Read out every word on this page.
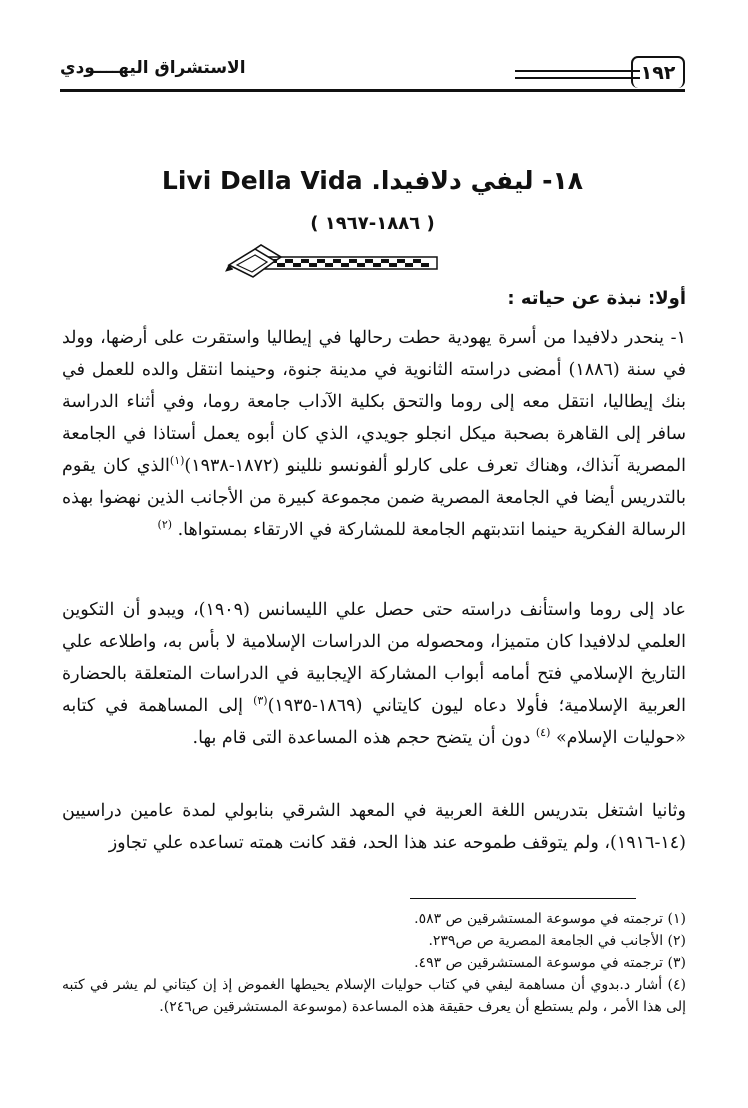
الاستشراق اليهــــودي	١٩٢
١٨- ليفي دلافيدا. Livi Della Vida
( ١٨٨٦-١٩٦٧ )
أولا: نبذة عن حياته :
١- ينحدر دلافيدا من أسرة يهودية حطت رحالها في إيطاليا واستقرت على أرضها، وولد في سنة (١٨٨٦) أمضى دراسته الثانوية في مدينة جنوة، وحينما انتقل والده للعمل في بنك إيطاليا، انتقل معه إلى روما والتحق بكلية الآداب جامعة روما، وفي أثناء الدراسة سافر إلى القاهرة بصحبة ميكل انجلو جويدي، الذي كان أبوه يعمل أستاذا في الجامعة المصرية آنذاك، وهناك تعرف على كارلو ألفونسو نللينو (١٨٧٢-١٩٣٨)$^{(١)}$الذي كان يقوم بالتدريس أيضا في الجامعة المصرية ضمن مجموعة كبيرة من الأجانب الذين نهضوا بهذه الرسالة الفكرية حينما انتدبتهم الجامعة للمشاركة في الارتقاء بمستواها. $^{(٢)}$
عاد إلى روما واستأنف دراسته حتى حصل علي الليسانس (١٩٠٩)، ويبدو أن التكوين العلمي لدلافيدا كان متميزا، ومحصوله من الدراسات الإسلامية لا بأس به، واطلاعه علي التاريخ الإسلامي فتح أمامه أبواب المشاركة الإيجابية في الدراسات المتعلقة بالحضارة العربية الإسلامية؛ فأولا دعاه ليون كايتاني (١٨٦٩-١٩٣٥)$^{(٣)}$ إلى المساهمة في كتابه «حوليات الإسلام» $^{(٤)}$ دون أن يتضح حجم هذه المساعدة التى قام بها.
وثانيا اشتغل بتدريس اللغة العربية في المعهد الشرقي بنابولي لمدة عامين دراسيين (١٤-١٩١٦)، ولم يتوقف طموحه عند هذا الحد، فقد كانت همته تساعده علي تجاوز

(١) ترجمته في موسوعة المستشرقين ص ٥٨٣.

(٢) الأجانب في الجامعة المصرية ص ص٢٣٩.

(٣) ترجمته في موسوعة المستشرقين ص ٤٩٣.

(٤) أشار د.بدوي أن مساهمة ليفي في كتاب حوليات الإسلام يحيطها الغموض إذ إن كيتاني لم يشر في كتبه إلى هذا الأمر ، ولم يستطع أن يعرف حقيقة هذه المساعدة (موسوعة المستشرقين ص٢٤٦).
